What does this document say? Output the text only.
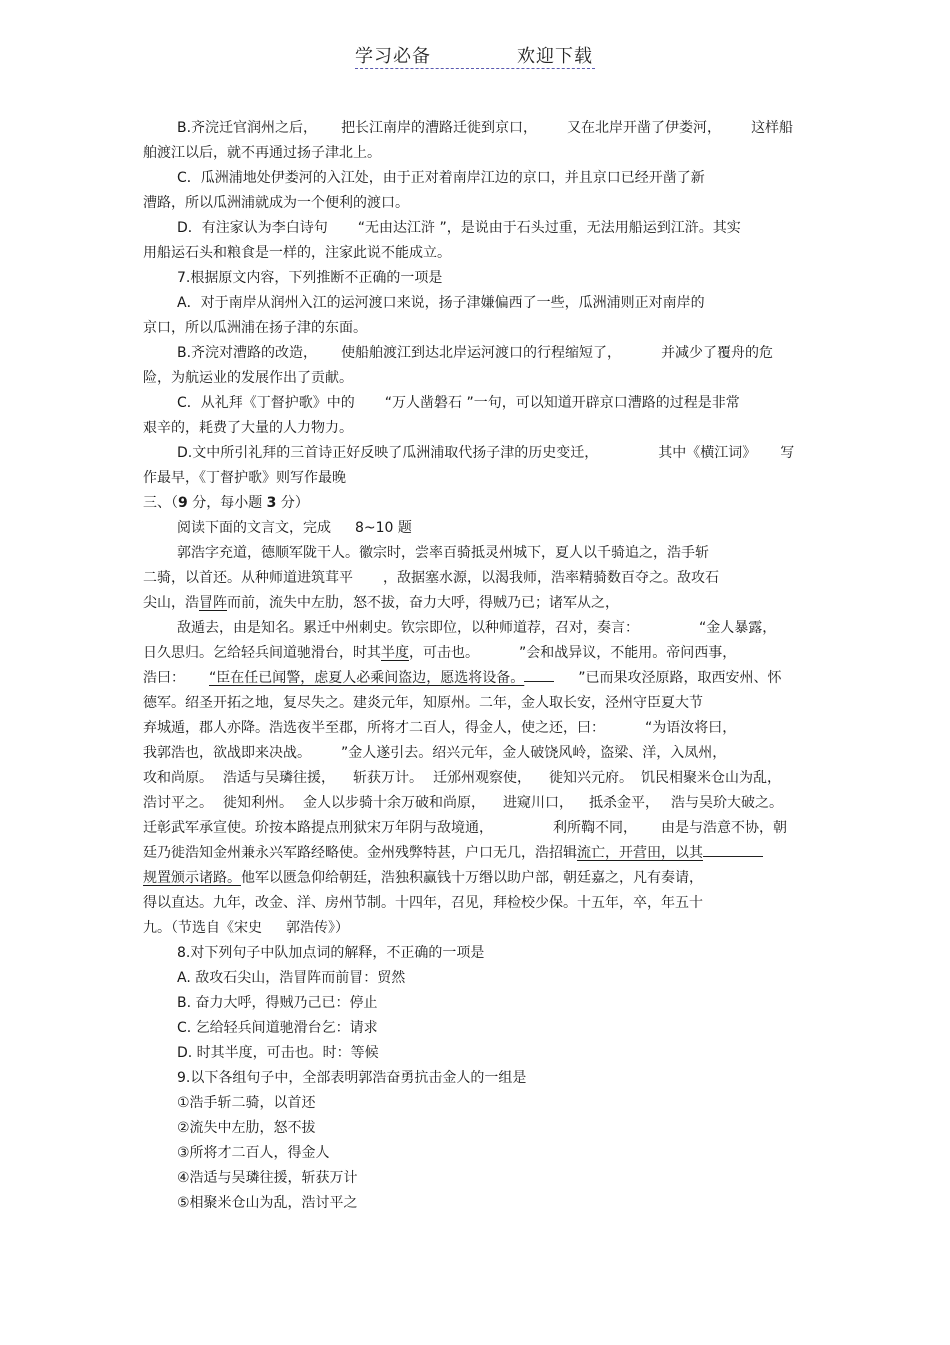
学习必备	欢迎下载

B.齐浣迁官润州之后， 把长江南岸的漕路迁徙到京口， 又在北岸开凿了伊娄河， 这样船

舶渡江以后，就不再通过扬子津北上。

C．瓜洲浦地处伊娄河的入江处，由于正对着南岸江边的京口，并且京口已经开凿了新

漕路，所以瓜洲浦就成为一个便利的渡口。

D．有注家认为李白诗句 “无由达江浒 ”，是说由于石头过重，无法用船运到江浒。其实

用船运石头和粮食是一样的，注家此说不能成立。

7.根据原文内容，下列推断不正确的一项是

A．对于南岸从润州入江的运河渡口来说，扬子津嫌偏西了一些，瓜洲浦则正对南岸的

京口，所以瓜洲浦在扬子津的东面。

B.齐浣对漕路的改造， 使船舶渡江到达北岸运河渡口的行程缩短了，	并减少了覆舟的危

险，为航运业的发展作出了贡献。

C．从礼拜《丁督护歌》中的 “万人凿磐石 ”一句，可以知道开辟京口漕路的过程是非常

艰辛的，耗费了大量的人力物力。

D.文中所引礼拜的三首诗正好反映了瓜洲浦取代扬子津的历史变迁，	其中《横江词》 写

作最早，《丁督护歌》则写作最晚

三、（9 分，每小题 3 分）

阅读下面的文言文，完成 8~10 题

郭浩字充道，德顺军陇干人。徽宗时，尝率百骑抵灵州城下，夏人以千骑追之，浩手斩

二骑，以首还。从种师道进筑茸平 ，敌据塞水源，以渴我师，浩率精骑数百夺之。敌攻石

尖山，浩冒阵而前，流失中左肋，怒不拔，奋力大呼，得贼乃已；诸军从之，

敌遁去，由是知名。累迁中州刺史。钦宗即位，以种师道荐，召对，奏言：	“金人暴露，

日久思归。乞给轻兵间道驰滑台，时其半度，可击也。	”会和战异议，不能用。帝问西事，

浩曰： “臣在任已闻警，虑夏人必乘间盗边，愿选将设备。	”已而果攻泾原路，取西安州、怀

德军。绍圣开拓之地，复尽失之。建炎元年，知原州。二年，金人取长安，泾州守臣夏大节

弃城遁，郡人亦降。浩选夜半至郡，所将才二百人，得金人，使之还，曰：	“为语汝将曰，

我郭浩也，欲战即来决战。 ”金人遂引去。绍兴元年，金人破饶风岭，盗梁、洋，入凤州，

攻和尚原。 浩适与吴璘往援， 斩获万计。 迁邠州观察使， 徙知兴元府。 饥民相聚米仓山为乱，

浩讨平之。 徙知利州。 金人以步骑十余万破和尚原， 进窥川口， 抵杀金平， 浩与吴玠大破之。

迁彰武军承宣使。玠按本路提点刑狱宋万年阴与敌境通，	利所鞫不同， 由是与浩意不协，朝

廷乃徙浩知金州兼永兴军路经略使。金州残弊特甚，户口无几，浩招辑流亡，开营田，以其

规置颁示诸路。他军以匮急仰给朝廷，浩独积赢钱十万缗以助户部，朝廷嘉之，凡有奏请，

得以直达。九年，改金、洋、房州节制。十四年，召见，拜检校少保。十五年，卒，年五十

九。（节选自《宋史 郭浩传》）

8.对下列句子中队加点词的解释，不正确的一项是

A. 敌攻石尖山，浩冒阵而前冒：贸然

B. 奋力大呼，得贼乃己已：停止

C. 乞给轻兵间道驰滑台乞：请求

D. 时其半度，可击也。时：等候

9.以下各组句子中，全部表明郭浩奋勇抗击金人的一组是

①浩手斩二骑，以首还

②流失中左肋，怒不拔

③所将才二百人，得金人

④浩适与吴璘往援，斩获万计

⑤相聚米仓山为乱，浩讨平之
